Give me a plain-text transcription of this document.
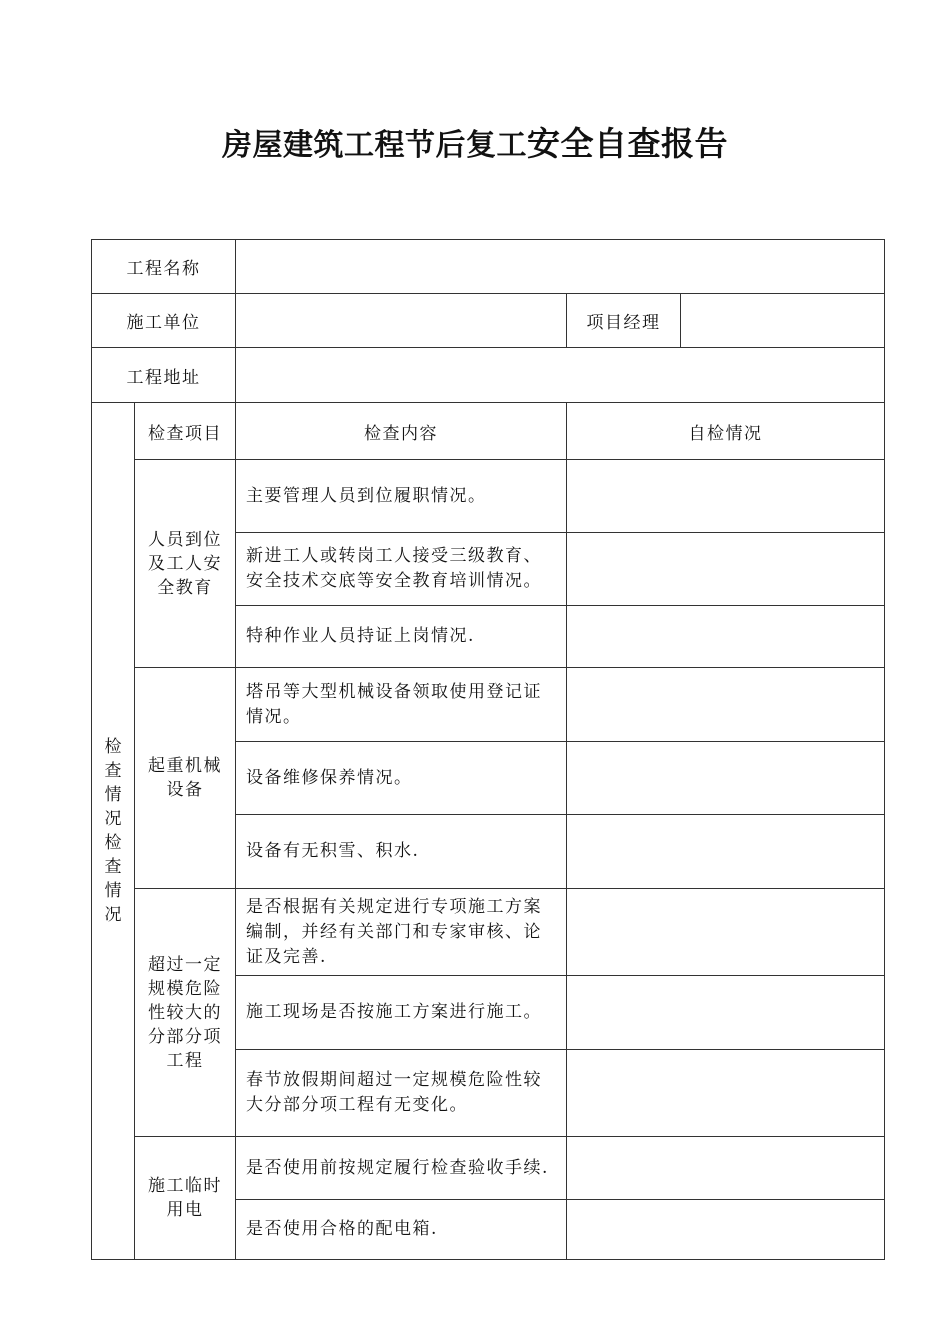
房屋建筑工程节后复工安全自查报告
工程名称				
施工单位			项目经理	
工程地址				

检查情况检查情况	检查项目	检查内容	自检情况	
	人员到位及工人安全教育	主要管理人员到位履职情况。		
		新进工人或转岗工人接受三级教育、安全技术交底等安全教育培训情况。		
		特种作业人员持证上岗情况.		
	起重机械设备	塔吊等大型机械设备领取使用登记证情况。		
		设备维修保养情况。		
		设备有无积雪、积水.		
	超过一定规模危险性较大的分部分项工程	是否根据有关规定进行专项施工方案编制，并经有关部门和专家审核、论证及完善.		
		施工现场是否按施工方案进行施工。		
		春节放假期间超过一定规模危险性较大分部分项工程有无变化。		
	施工临时用电	是否使用前按规定履行检查验收手续.		
		是否使用合格的配电箱.		
